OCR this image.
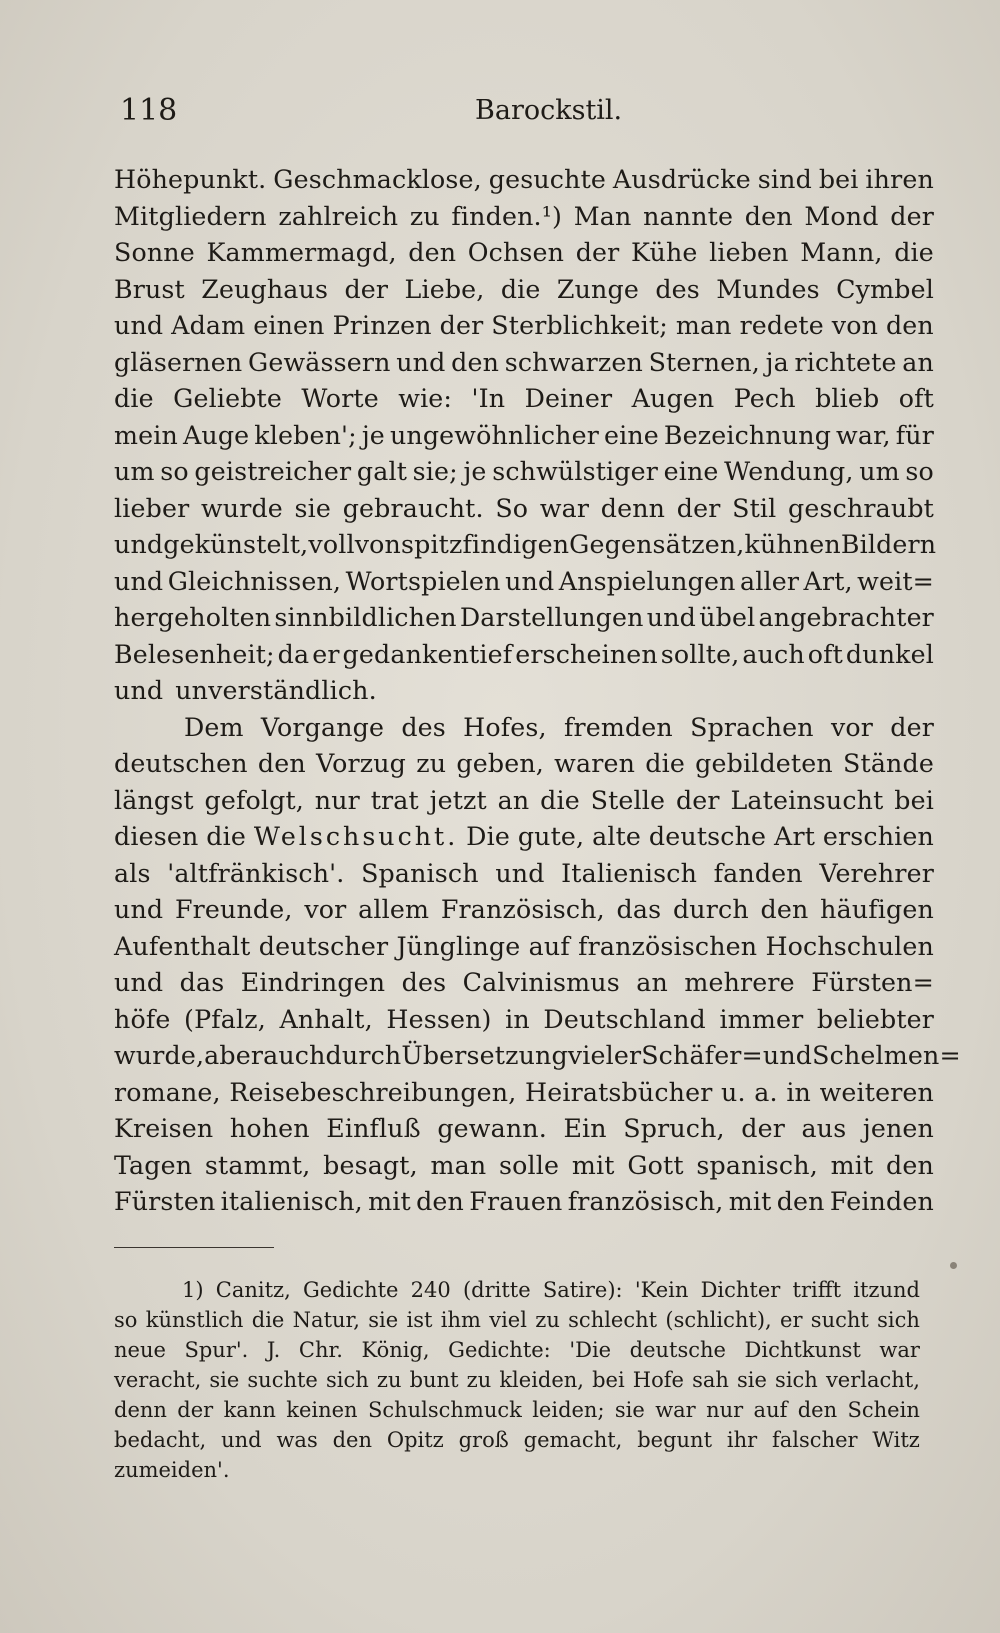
118	Barockstil.
Höhepunkt. Geschmacklose, gesuchte Ausdrücke sind bei ihren
Mitgliedern zahlreich zu finden.¹) Man nannte den Mond der
Sonne Kammermagd, den Ochsen der Kühe lieben Mann, die
Brust Zeughaus der Liebe, die Zunge des Mundes Cymbel
und Adam einen Prinzen der Sterblichkeit; man redete von den
gläsernen Gewässern und den schwarzen Sternen, ja richtete an
die Geliebte Worte wie: 'In Deiner Augen Pech blieb oft
mein Auge kleben'; je ungewöhnlicher eine Bezeichnung war, für
um so geistreicher galt sie; je schwülstiger eine Wendung, um so
lieber wurde sie gebraucht. So war denn der Stil geschraubt
und gekünstelt, voll von spitzfindigen Gegensätzen, kühnen Bildern
und Gleichnissen, Wortspielen und Anspielungen aller Art, weit=
hergeholten sinnbildlichen Darstellungen und übel angebrachter
Belesenheit; da er gedankentief erscheinen sollte, auch oft dunkel
und unverständlich.
Dem Vorgange des Hofes, fremden Sprachen vor der
deutschen den Vorzug zu geben, waren die gebildeten Stände
längst gefolgt, nur trat jetzt an die Stelle der Lateinsucht bei
diesen die Welschsucht. Die gute, alte deutsche Art erschien
als 'altfränkisch'. Spanisch und Italienisch fanden Verehrer
und Freunde, vor allem Französisch, das durch den häufigen
Aufenthalt deutscher Jünglinge auf französischen Hochschulen
und das Eindringen des Calvinismus an mehrere Fürsten=
höfe (Pfalz, Anhalt, Hessen) in Deutschland immer beliebter
wurde, aber auch durch Übersetzung vieler Schäfer= und Schelmen=
romane, Reisebeschreibungen, Heiratsbücher u. a. in weiteren
Kreisen hohen Einfluß gewann. Ein Spruch, der aus jenen
Tagen stammt, besagt, man solle mit Gott spanisch, mit den
Fürsten italienisch, mit den Frauen französisch, mit den Feinden
1) Canitz, Gedichte 240 (dritte Satire): 'Kein Dichter trifft itzund
so künstlich die Natur, sie ist ihm viel zu schlecht (schlicht), er sucht sich
neue Spur'. J. Chr. König, Gedichte: 'Die deutsche Dichtkunst war
veracht, sie suchte sich zu bunt zu kleiden, bei Hofe sah sie sich verlacht,
denn der kann keinen Schulschmuck leiden; sie war nur auf den Schein
bedacht, und was den Opitz groß gemacht, begunt ihr falscher Witz
zu meiden'.
